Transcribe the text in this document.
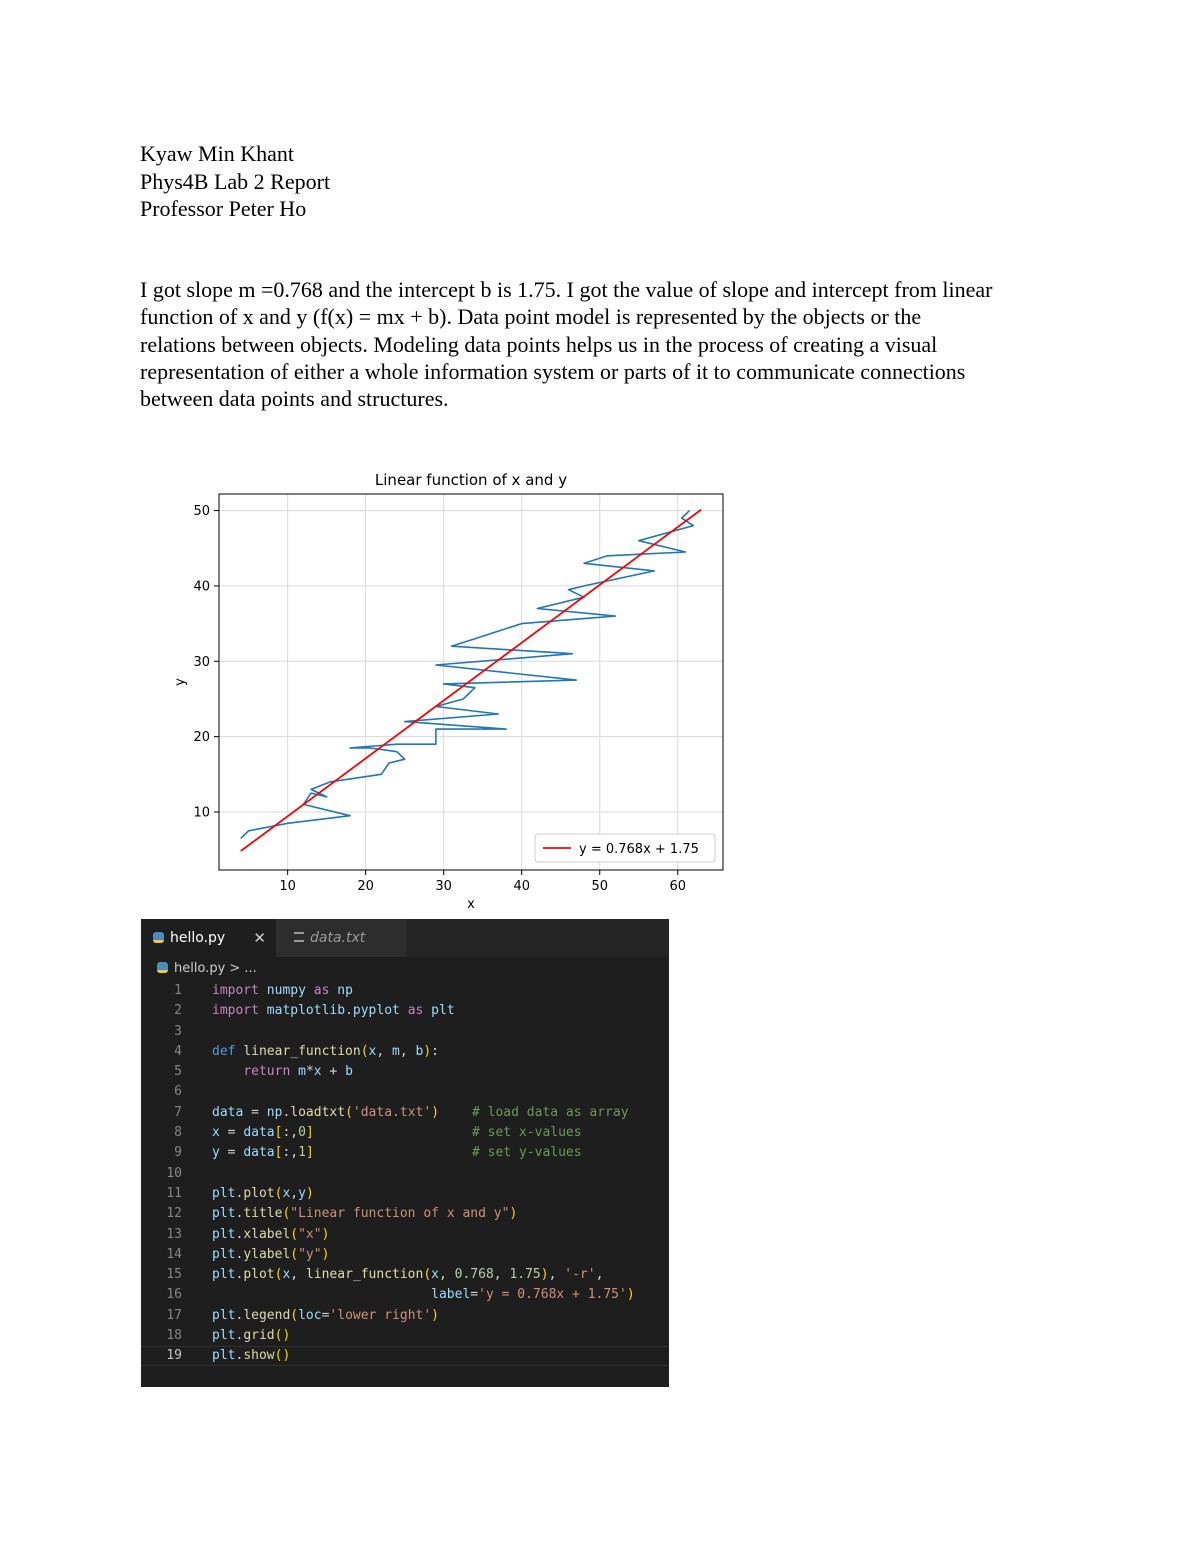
Kyaw Min Khant
Phys4B Lab 2 Report
Professor Peter Ho
I got slope m =0.768 and the intercept b is 1.75. I got the value of slope and intercept from linear
function of x and y (f(x) = mx + b). Data point model is represented by the objects or the
relations between objects. Modeling data points helps us in the process of creating a visual
representation of either a whole information system or parts of it to communicate connections
between data points and structures.
10	20	30	40	50	60
10
20
30
40
50
Linear function of x and y
x
y
y = 0.768x + 1.75
hello.py ✕	data.txt
hello.py > ...
1 import numpy as np
2 import matplotlib.pyplot as plt
3
4 def linear_function(x, m, b):
5	return m*x + b
6
7 data = np.loadtxt('data.txt')	# load data as array
8 x = data[:,0]	# set x-values
9 y = data[:,1]	# set y-values
10
11 plt.plot(x,y)
12 plt.title("Linear function of x and y")
13 plt.xlabel("x")
14 plt.ylabel("y")
15 plt.plot(x, linear_function(x, 0.768, 1.75), '-r',
16	label='y = 0.768x + 1.75')
17 plt.legend(loc='lower right')
18 plt.grid()
19 plt.show()
